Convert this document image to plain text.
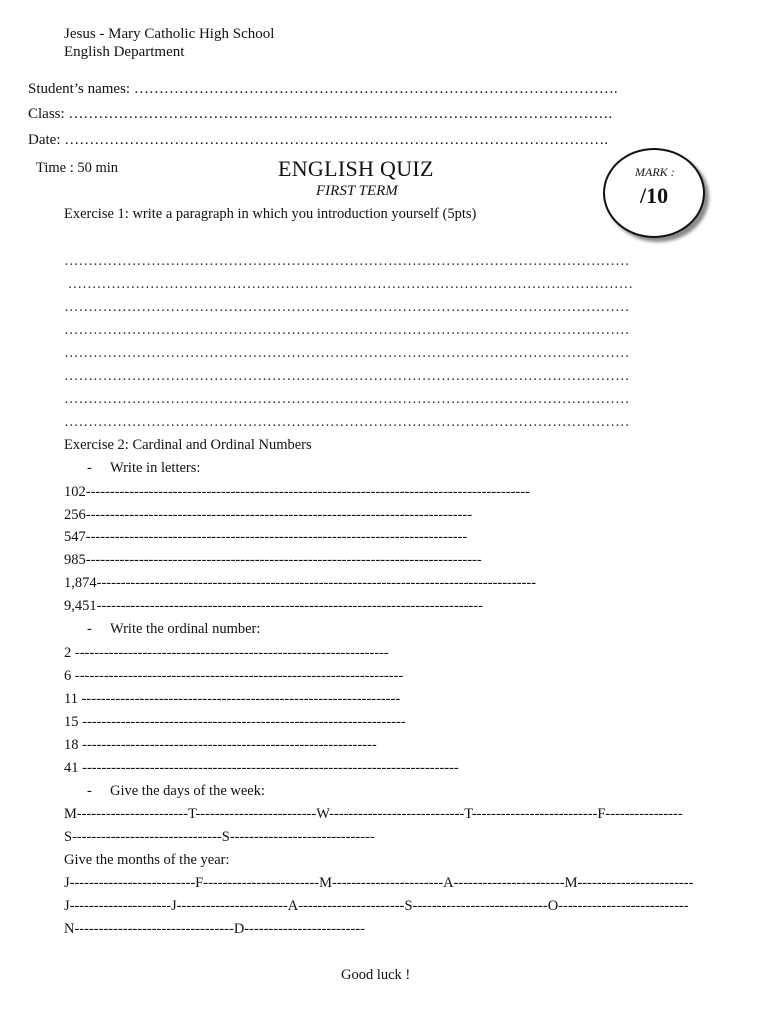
Jesus - Mary Catholic High School
English Department
Student’s names: …………………………………………………………………………………….
Class: ……………………………………………………………………………………………….
Date: ……………………………………………………………………………………………….
Time : 50 min	ENGLISH QUIZ
FIRST TERM
MARK :
/10
Exercise 1: write a paragraph in which you introduction yourself (5pts)
………………………………………………………………………………………………………
………………………………………………………………………………………………………
………………………………………………………………………………………………………
………………………………………………………………………………………………………
………………………………………………………………………………………………………
………………………………………………………………………………………………………
………………………………………………………………………………………………………
………………………………………………………………………………………………………
Exercise 2: Cardinal and Ordinal Numbers
- Write in letters:
102--------------------------------------------------------------------------------------------
256--------------------------------------------------------------------------------
547-------------------------------------------------------------------------------
985----------------------------------------------------------------------------------
1,874-------------------------------------------------------------------------------------------
9,451--------------------------------------------------------------------------------
- Write the ordinal number:
2 -----------------------------------------------------------------
6 --------------------------------------------------------------------
11 ------------------------------------------------------------------
15 -------------------------------------------------------------------
18 -------------------------------------------------------------
41 ------------------------------------------------------------------------------
- Give the days of the week:
M-----------------------T-------------------------W----------------------------T--------------------------F----------------
S-------------------------------S------------------------------
Give the months of the year:
J--------------------------F------------------------M-----------------------A-----------------------M------------------------
J---------------------J-----------------------A----------------------S----------------------------O---------------------------
N---------------------------------D-------------------------
Good luck !
